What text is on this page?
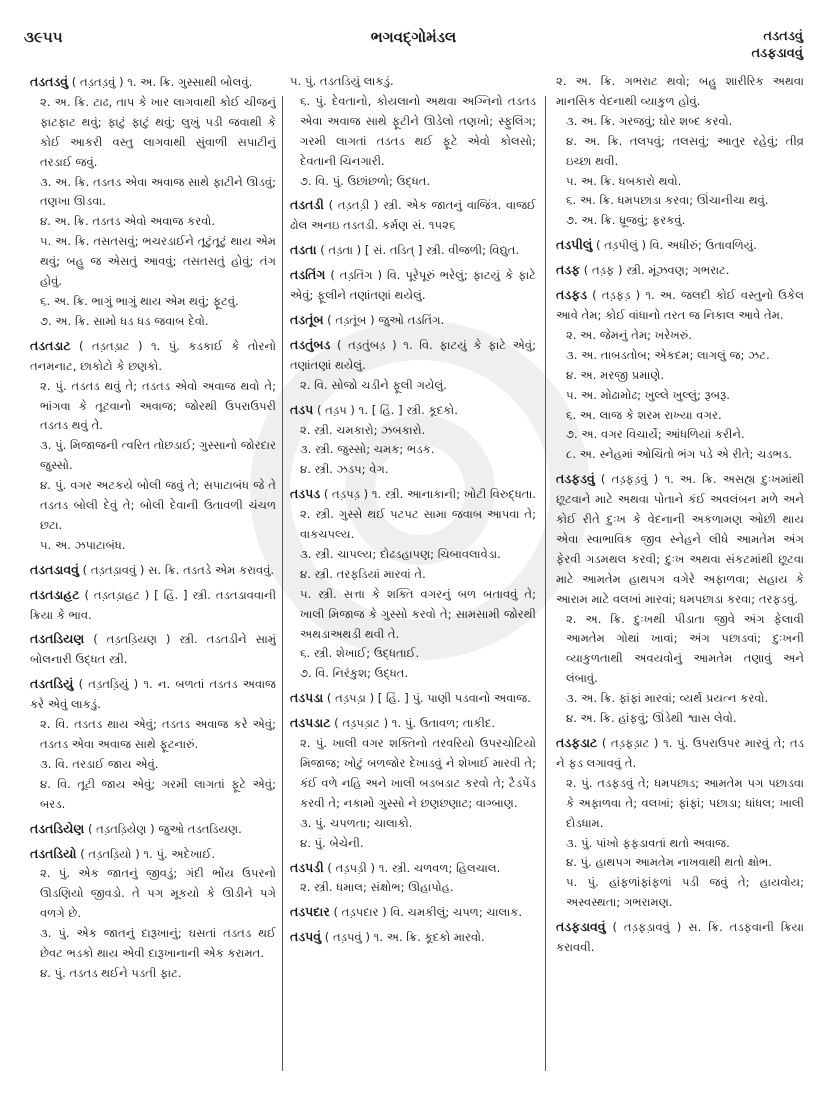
૩૯૫૫	ભગવદ્ગોમંડલ	તડતડવું
તડફડાવવું
તડતડવું ( તડ઼તડ઼વું ) ૧. અ. ક્રિ. ગુસ્સાથી બોલવું.
૨. અ. ક્રિ. ટાઢ, તાપ કે ખાર લાગવાથી કોઈ ચીજનું ફાટફાટ થવું; ફાટું ફાટું થવું; લુખું પડી જવાથી કે કોઈ આકરી વસ્તુ લાગવાથી સુંવાળી સપાટીનું તરડાઈ જવું.
૩. અ. ક્રિ. તડતડ એવા અવાજ સાથે ફાટીને ઊડવું; તણખા ઊડવા.
૪. અ. ક્રિ. તડતડ એવો અવાજ કરવો.
૫. અ. ક્રિ. તસતસવું; ભચરડાઈને તૂટુંતૂટું થાય એમ થવું; બહુ જ એસતું આવવું; તસતસતું હોવું; તંગ હોવું.
૬. અ. ક્રિ. ભાગું ભાગું થાય એમ થવું; ફૂટવું.
૭. અ. ક્રિ. સામો ધડ ધડ જવાબ દેવો.
તડતડાટ ( તડ઼તડ઼ાટ ) ૧. પું. કડકાઈ કે તોરનો તનમનાટ, છાકોટો કે છણકો.
૨. પું. તડતડ થવું તે; તડતડ એવો અવાજ થવો તે; ભાંગવા કે તૂટવાનો અવાજ; જોરથી ઉપરાઉપરી તડતડ થવું તે.
૩. પું. મિજાજની ત્વરિત તોછડાઈ; ગુસ્સાનો જોરદાર જુસ્સો.
૪. પું. વગર અટકયે બોલી જવું તે; સપાટાબંધ જે તે તડતડ બોલી દેવું તે; બોલી દેવાની ઉતાવળી ચંચળ છટા.
૫. અ. ઝપાટાબંધ.
તડતડાવવું ( તડ઼તડ઼ાવવું ) સ. ક્રિ. તડતડે એમ કરાવવું.
તડતડાહટ ( તડ઼તડ઼ાહટ ) [ હિં. ] સ્ત્રી. તડતડાવવાની ક્રિયા કે ભાવ.
તડતડિયણ ( તડ઼તડ઼િયણ ) સ્ત્રી. તડતડીને સામું બોલનારી ઉદ્ધત સ્ત્રી.
તડતડિયું ( તડ઼તડ઼િયું ) ૧. ન. બળતાં તડતડ અવાજ કરે એવું લાકડું.
૨. વિ. તડતડ થાય એવું; તડતડ અવાજ કરે એવું; તડતડ એવા અવાજ સાથે ફૂટનારું.
૩. વિ. તરડાઈ જાય એવું.
૪. વિ. તૂટી જાય એવું; ગરમી લાગતાં ફૂટે એવું; બરડ.
તડતડિયેણ ( તડ઼તડ઼િયેણ ) જુઓ તડતડિયણ.
તડતડિયો ( તડ઼તડ઼િયો ) ૧. પું. અદેખાઈ.
૨. પું. એક જાતનું જીવડું; ગંદી ભોંય ઉપરનો ઊડણિયો જીવડો. તે પગ મૂકયો કે ઊડીને પગે વળગે છે.
૩. પું. એક જાતનું દારૂખાનું; ઘસતાં તડતડ થઈ છેવટ ભડકો થાય એવી દારૂખાનાની એક કરામત.
૪. પું. તડતડ થઈને પડતી ફાટ.
૫. પું. તડતડિયું લાકડું.
૬. પું. દેવતાનો, કોયલાનો અથવા અગ્નિનો તડતડ એવા અવાજ સાથે ફૂટીને ઊડેલો તણખો; સ્ફુલિંગ; ગરમી લાગતાં તડતડ થઈ ફૂટે એવો કોલસો; દેવતાની ચિનગારી.
૭. વિ. પું. ઉછાંછળો; ઉદ્ધત.
તડતડી ( તડ઼તડ઼ી ) સ્ત્રી. એક જાતનું વાજિંત્ર. વાજઈ ઢોલ અનઇ તડતડી. કર્મણ સં. ૧૫૨૬
તડતા ( તડ઼તા ) [ સં. તડિત્ ] સ્ત્રી. વીજળી; વિદ્યુત.
તડતિંગ ( તડ઼તિંગ ) વિ. પૂરેપૂરું ભરેલું; ફાટયું કે ફાટે એવું; ફૂલીને તણાંતણાં થયેલું.
તડતૂંબ ( તડ઼તૂંબ ) જુઓ તડતિંગ.
તડતુંબડ ( તડ઼તુંબડ઼ ) ૧. વિ. ફાટયું કે ફાટે એવું; તણાંતણાં થયેલું.
૨. વિ. સોજો ચડીને ફૂલી ગયેલું.
તડપ ( તડ઼પ ) ૧. [ હિં. ] સ્ત્રી. કૂદકો.
૨. સ્ત્રી. ચમકારો; ઝબકારો.
૩. સ્ત્રી. જુસ્સો; ચમક; ભડક.
૪. સ્ત્રી. ઝડપ; વેગ.
તડપડ ( તડ઼પડ઼ ) ૧. સ્ત્રી. આનાકાની; ખોટી વિરુદ્ધતા.
૨. સ્ત્રી. ગુસ્સે થઈ પટપટ સામા જવાબ આપવા તે; વાકચપલ્ય.
૩. સ્ત્રી. ચાપલ્ય; દોઢડહાપણ; ચિબાવલાવેડા.
૪. સ્ત્રી. તરફડિયાં મારવાં તે.
૫. સ્ત્રી. સત્તા કે શક્તિ વગરનું બળ બતાવવું તે; ખાલી મિજાજ કે ગુસ્સો કરવો તે; સામસામી જોરથી અથડાઅથડી થવી તે.
૬. સ્ત્રી. શેખાઈ; ઉદ્ધતાઈ.
૭. વિ. નિરંકુશ; ઉદ્ધત.
તડપડા ( તડ઼પડ઼ા ) [ હિં. ] પું. પાણી પડવાનો અવાજ.
તડપડાટ ( તડ઼પડ઼ાટ ) ૧. પું. ઉતાવળ; તાકીદ.
૨. પું. ખાલી વગર શક્તિનો તરવરિયો ઉપરચોટિયો મિજાજ; ખોટું બળજોર દેખાડવું ને શેખાઈ મારવી તે; કંઈ વળે નહિ અને ખાલી બડબડાટ કરવો તે; ટૈડપેંડ કરવી તે; નકામો ગુસ્સો ને છણછણાટ; વાગ્બાણ.
૩. પું. ચપળતા; ચાલાકો.
૪. પું. બેચેની.
તડપડી ( તડ઼પડ઼ી ) ૧. સ્ત્રી. ચળવળ; હિલચાલ.
૨. સ્ત્રી. ધમાલ; સંક્ષોભ; ઊહાપોહ.
તડપદાર ( તડ઼પદાર ) વિ. ચમકીલું; ચપળ; ચાલાક.
તડપવું ( તડ઼પવું ) ૧. અ. ક્રિ. કૂદકો મારવો.
૨. અ. ક્રિ. ગભરાટ થવો; બહુ શારીરિક અથવા માનસિક વેદનાથી વ્યાકુળ હોવું.
૩. અ. ક્રિ. ગરજવું; ઘોર શબ્દ કરવો.
૪. અ. ક્રિ. તલપવું; તલસવું; આતુર રહેવું; તીવ્ર ઇચ્છા થવી.
૫. અ. ક્રિ. ધબકારો થવો.
૬. અ. ક્રિ. ધમપછાડા કરવા; ઊંચાનીચા થવું.
૭. અ. ક્રિ. ધ્રૂજવું; ફરકવું.
તડપીલું ( તડ઼પીલું ) વિ. અધીરું; ઉતાવળિયું.
તડફ ( તડ઼ફ ) સ્ત્રી. મૂંઝવણ; ગભરાટ.
તડફડ ( તડ઼ફડ઼ ) ૧. અ. જલદી કોઈ વસ્તુનો ઉકેલ આવે તેમ; કોઈ વાંધાનો તરત જ નિકાલ આવે તેમ.
૨. અ. જેમનું તેમ; ખરેખરું.
૩. અ. તાબડતોબ; એકદમ; લાગલું જ; ઝટ.
૪. અ. મરજી પ્રમાણે.
૫. અ. મોઢામોઢ; ખુલ્લે ખુલ્લું; રૂબરૂ.
૬. અ. લાજ કે શરમ રાખ્યા વગર.
૭. અ. વગર વિચાર્યે; આંધળિયાં કરીને.
૮. અ. સ્નેહમાં ઓચિંતો ભંગ પડે એ રીતે; ચડભડ.
તડફડવું ( તડ઼ફડ઼વું ) ૧. અ. ક્રિ. અસહ્ય દુઃખમાંથી છૂટવાને માટે અથવા પોતાને કંઈ અવલંબન મળે અને કોઈ રીતે દુઃખ કે વેદનાની અકળામણ ઓછી થાય એવા સ્વાભાવિક જીવ સ્નેહને લીધે આમતેમ અંગ ફેરવી ગડમથલ કરવી; દુઃખ અથવા સંકટમાંથી છૂટવા માટે આમતેમ હાથપગ વગેરે અફાળવા; સહાય કે આરામ માટે વલખાં મારવાં; ધમપછાડા કરવા; તરફડવું.
૨. અ. ક્રિ. દુઃખથી પીડાતા જીવે અંગ ફેલાવી આમતેમ ગોથાં ખાવાં; અંગ પછાડવાં; દુઃખની વ્યાકુળતાથી અવયવોનું આમતેમ તણાવું અને લંબાવું.
૩. અ. ક્રિ. ફાંફાં મારવાં; વ્યર્થ પ્રયત્ન કરવો.
૪. અ. ક્રિ. હાંફવું; ઊંડેથી શ્વાસ લેવો.
તડફડાટ ( તડ઼ફડ઼ાટ ) ૧. પું. ઉપરાઉપર મારવું તે; તડ ને ફડ લગાવવું તે.
૨. પું. તડફડવું તે; ધમપછાડ; આમતેમ પગ પછાડવા કે અફાળવા તે; વલખાં; ફાંફાં; પછાડા; ધાંધલ; ખાલી દોડધામ.
૩. પું. પાંખો ફફડાવતાં થતો અવાજ.
૪. પું. હાથપગ આમતેમ નાખવાથી થતો ક્ષોભ.
૫. પું. હાંફળાંફાંફળાં પડી જવું તે; હાયવોય; અસ્વસ્થતા; ગભરામણ.
તડફડાવવું ( તડ઼ફડ઼ાવવું ) સ. ક્રિ. તડફવાની ક્રિયા કરાવવી.
